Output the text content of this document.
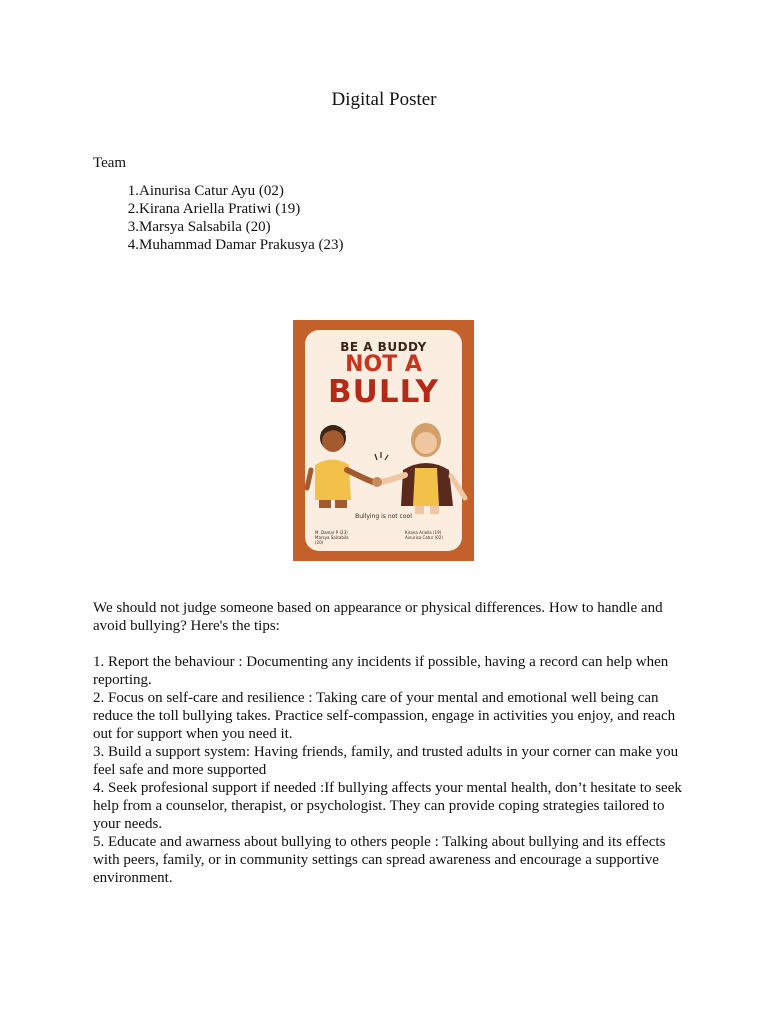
Digital Poster
Team
1. Ainurisa Catur Ayu (02)
2. Kirana Ariella Pratiwi (19)
3. Marsya Salsabila (20)
4. Muhammad Damar Prakusya (23)
BE A BUDDY
NOT A
BULLY
Bullying is not cool
M. Damar P (23)
Marsya Salsabila
(20)
Kirana Ariella (19)
Ainurisa Catur (02)
We should not judge someone based on appearance or physical differences. How to handle and avoid bullying? Here's the tips:

1. Report the behaviour : Documenting any incidents if possible, having a record can help when reporting.

2. Focus on self-care and resilience : Taking care of your mental and emotional well being can reduce the toll bullying takes. Practice self-compassion, engage in activities you enjoy, and reach out for support when you need it.

3. Build a support system: Having friends, family, and trusted adults in your corner can make you feel safe and more supported

4. Seek profesional support if needed :If bullying affects your mental health, don’t hesitate to seek help from a counselor, therapist, or psychologist. They can provide coping strategies tailored to your needs.

5. Educate and awarness about bullying to others people : Talking about bullying and its effects with peers, family, or in community settings can spread awareness and encourage a supportive environment.
